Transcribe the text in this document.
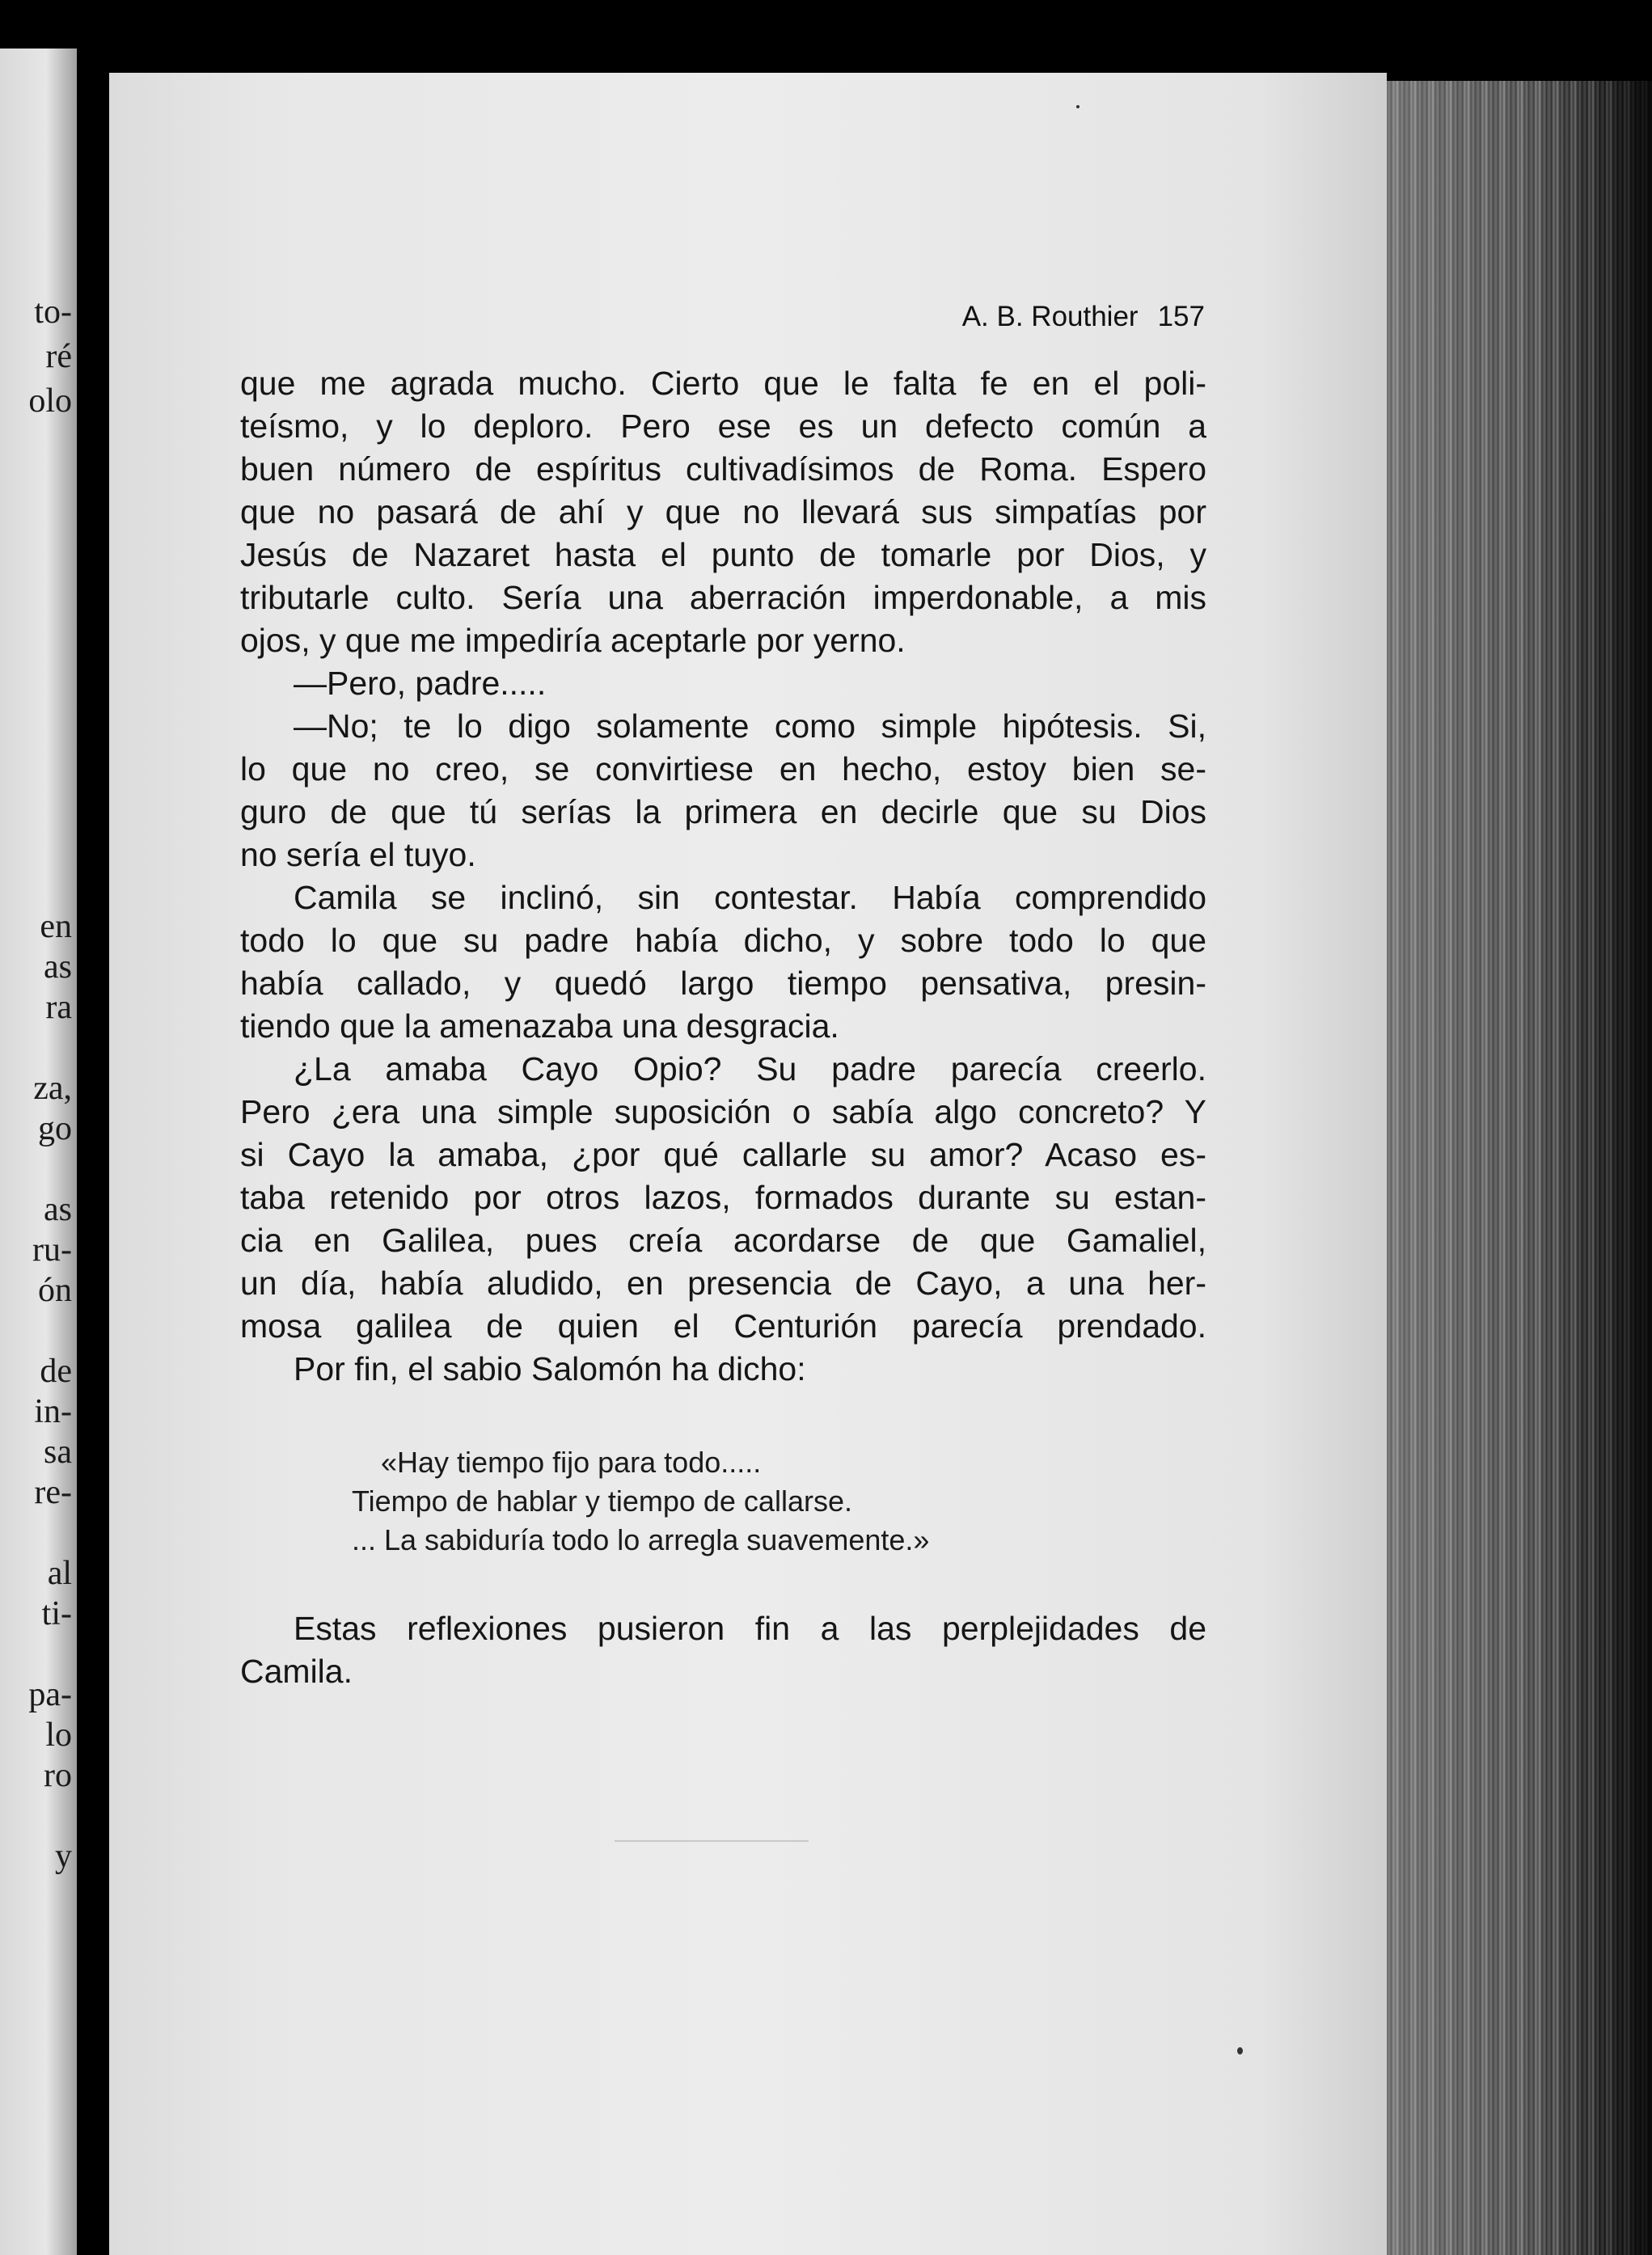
to-
ré
olo
en
as
ra
za,
go
as
ru-
ón
de
in-
sa
re-
al
ti-
pa-
lo
ro
y
A. B. Routhier 157
que me agrada mucho. Cierto que le falta fe en el poli-
teísmo, y lo deploro. Pero ese es un defecto común a
buen número de espíritus cultivadísimos de Roma. Espero
que no pasará de ahí y que no llevará sus simpatías por
Jesús de Nazaret hasta el punto de tomarle por Dios, y
tributarle culto. Sería una aberración imperdonable, a mis
ojos, y que me impediría aceptarle por yerno.
—Pero, padre.....
—No; te lo digo solamente como simple hipótesis. Si,
lo que no creo, se convirtiese en hecho, estoy bien se-
guro de que tú serías la primera en decirle que su Dios
no sería el tuyo.
Camila se inclinó, sin contestar. Había comprendido
todo lo que su padre había dicho, y sobre todo lo que
había callado, y quedó largo tiempo pensativa, presin-
tiendo que la amenazaba una desgracia.
¿La amaba Cayo Opio? Su padre parecía creerlo.
Pero ¿era una simple suposición o sabía algo concreto? Y
si Cayo la amaba, ¿por qué callarle su amor? Acaso es-
taba retenido por otros lazos, formados durante su estan-
cia en Galilea, pues creía acordarse de que Gamaliel,
un día, había aludido, en presencia de Cayo, a una her-
mosa galilea de quien el Centurión parecía prendado.
Por fin, el sabio Salomón ha dicho:
«Hay tiempo fijo para todo.....
Tiempo de hablar y tiempo de callarse.
... La sabiduría todo lo arregla suavemente.»
Estas reflexiones pusieron fin a las perplejidades de
Camila.
